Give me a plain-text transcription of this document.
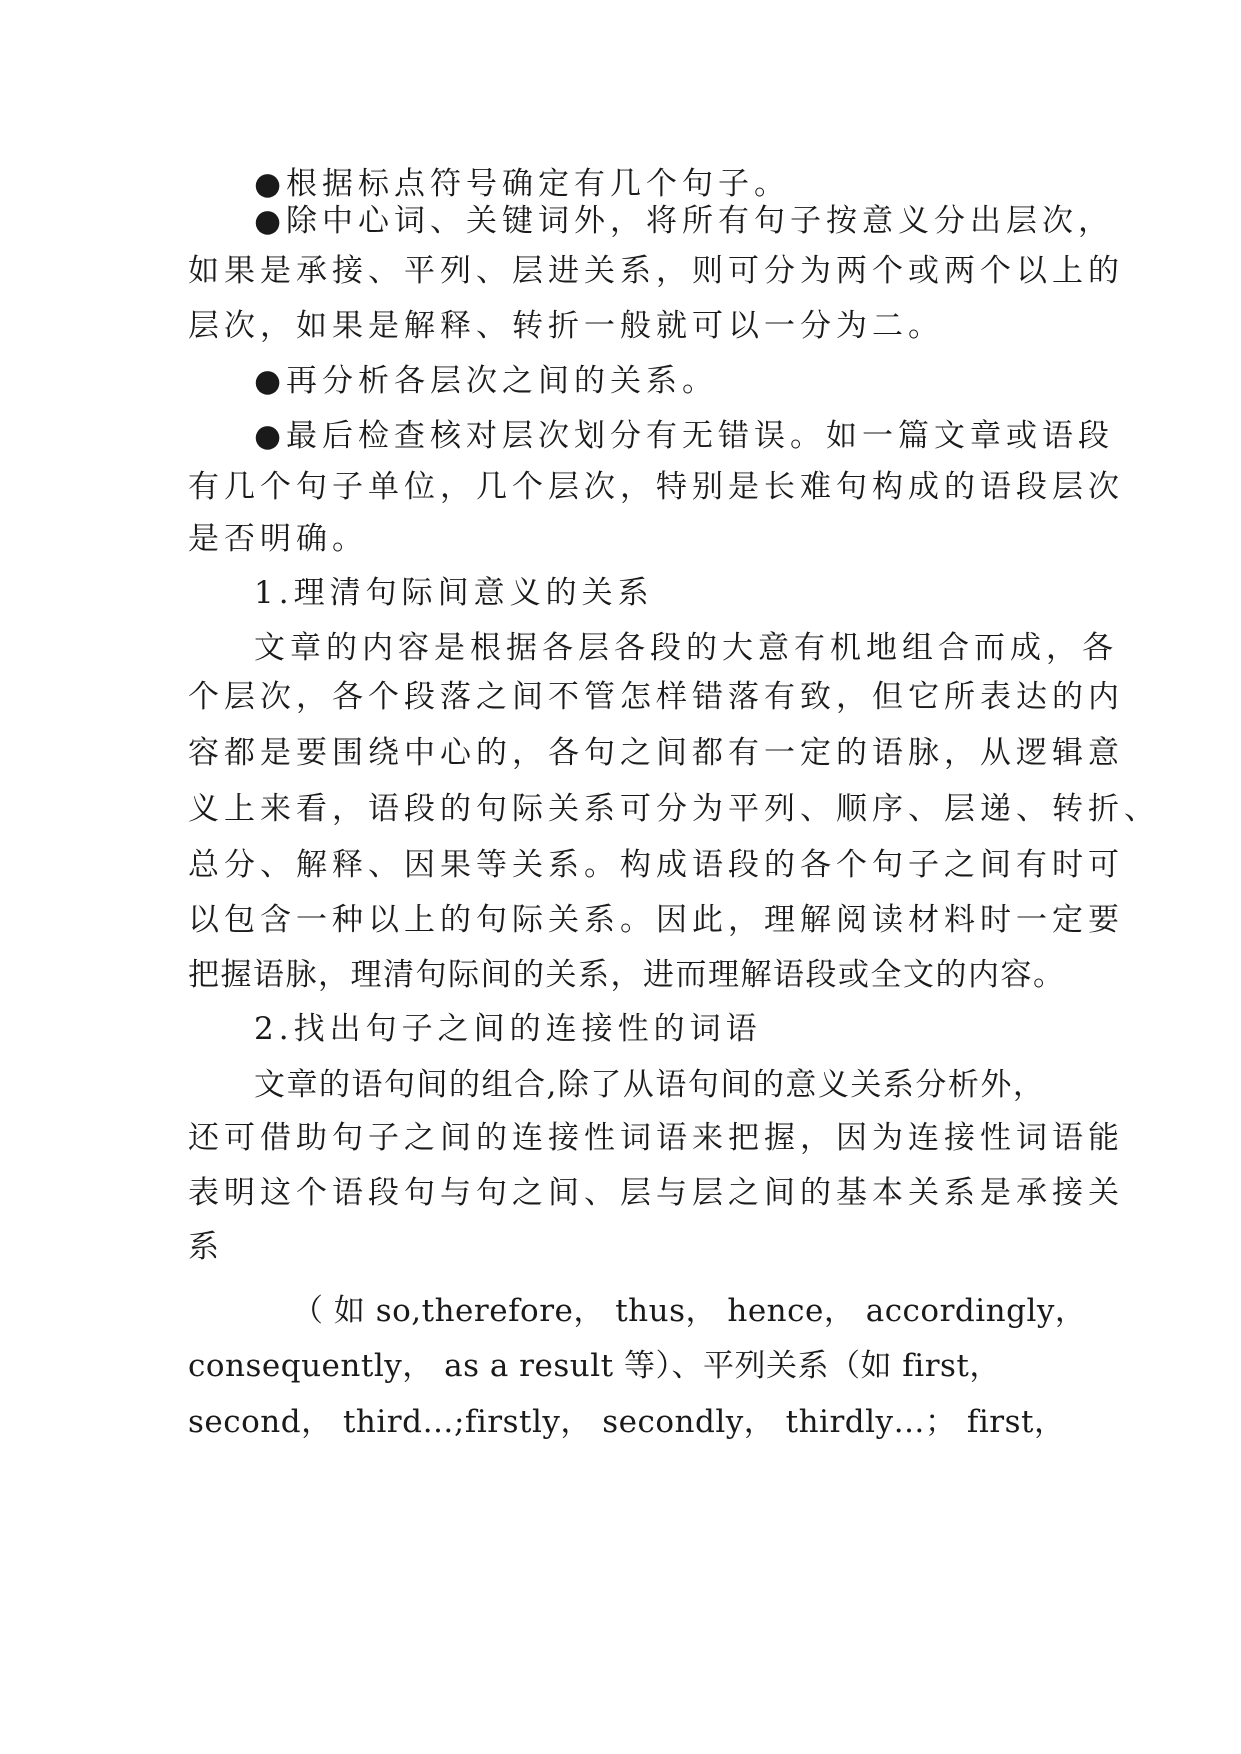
●根据标点符号确定有几个句子。
●除中心词、关键词外，将所有句子按意义分出层次，
如果是承接、平列、层进关系，则可分为两个或两个以上的
层次，如果是解释、转折一般就可以一分为二。
●再分析各层次之间的关系。
●最后检查核对层次划分有无错误。如一篇文章或语段
有几个句子单位，几个层次，特别是长难句构成的语段层次
是否明确。
1.理清句际间意义的关系
文章的内容是根据各层各段的大意有机地组合而成，各
个层次，各个段落之间不管怎样错落有致，但它所表达的内
容都是要围绕中心的，各句之间都有一定的语脉，从逻辑意
义上来看，语段的句际关系可分为平列、顺序、层递、转折、
总分、解释、因果等关系。构成语段的各个句子之间有时可
以包含一种以上的句际关系。因此，理解阅读材料时一定要
把握语脉，理清句际间的关系，进而理解语段或全文的内容。
2.找出句子之间的连接性的词语
文章的语句间的组合,除了从语句间的意义关系分析外，
还可借助句子之间的连接性词语来把握，因为连接性词语能
表明这个语段句与句之间、层与层之间的基本关系是承接关
系
（ 如 so,therefore， thus， hence， accordingly，
consequently， as a result 等）、平列关系（如 first，
second， third…;firstly， secondly， thirdly…； first，
